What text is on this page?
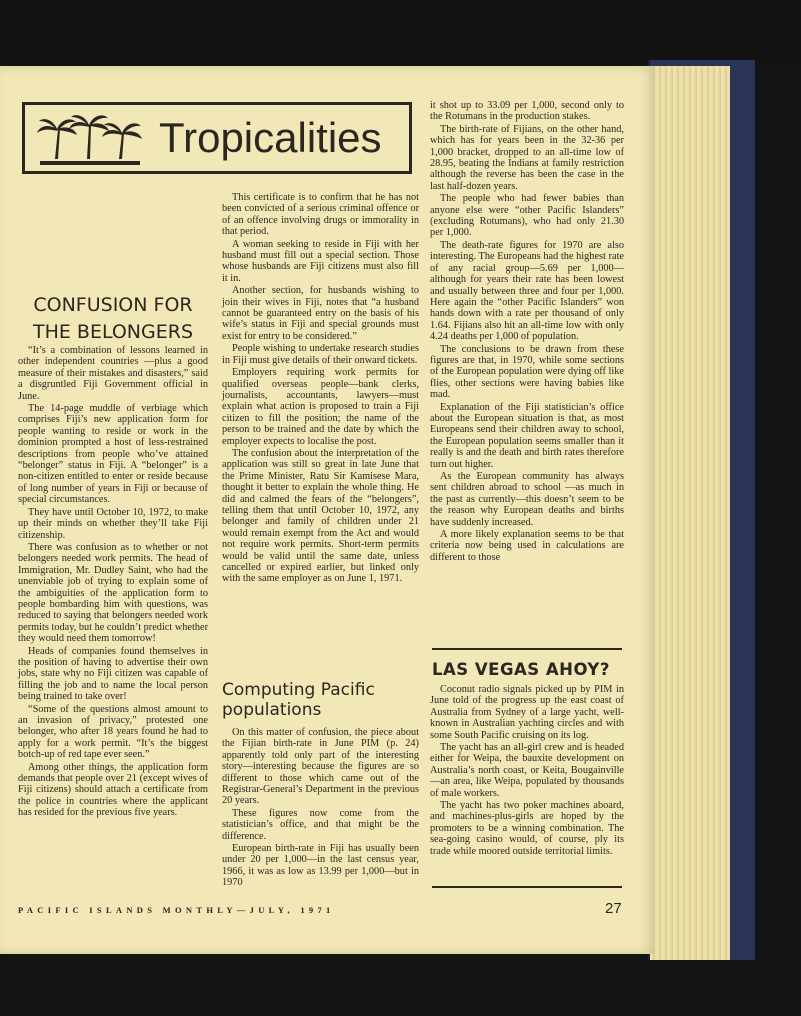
Tropicalities
CONFUSION FOR
THE BELONGERS

“It’s a combination of lessons learned in other independent countries —plus a good measure of their mistakes and disasters,” said a disgruntled Fiji Government official in June.

The 14-page muddle of verbiage which comprises Fiji’s new application form for people wanting to reside or work in the dominion prompted a host of less-restrained descriptions from people who’ve attained “belonger” status in Fiji. A “belonger” is a non-citizen entitled to enter or reside because of long number of years in Fiji or because of special circumstances.

They have until October 10, 1972, to make up their minds on whether they’ll take Fiji citizenship.

There was confusion as to whether or not belongers needed work permits. The head of Immigration, Mr. Dudley Saint, who had the unenviable job of trying to explain some of the ambiguities of the application form to people bombarding him with questions, was reduced to saying that belongers needed work permits today, but he couldn’t predict whether they would need them tomorrow!

Heads of companies found themselves in the position of having to advertise their own jobs, state why no Fiji citizen was capable of filling the job and to name the local person being trained to take over!

“Some of the questions almost amount to an invasion of privacy,” protested one belonger, who after 18 years found he had to apply for a work permit. “It’s the biggest botch-up of red tape ever seen.”

Among other things, the application form demands that people over 21 (except wives of Fiji citizens) should attach a certificate from the police in countries where the applicant has resided for the previous five years.

This certificate is to confirm that he has not been convicted of a serious criminal offence or of an offence involving drugs or immorality in that period.

A woman seeking to reside in Fiji with her husband must fill out a special section. Those whose husbands are Fiji citizens must also fill it in.

Another section, for husbands wishing to join their wives in Fiji, notes that “a husband cannot be guaranteed entry on the basis of his wife’s status in Fiji and special grounds must exist for entry to be considered.”

People wishing to undertake research studies in Fiji must give details of their onward tickets.

Employers requiring work permits for qualified overseas people—bank clerks, journalists, accountants, lawyers—must explain what action is proposed to train a Fiji citizen to fill the position; the name of the person to be trained and the date by which the employer expects to localise the post.

The confusion about the interpretation of the application was still so great in late June that the Prime Minister, Ratu Sir Kamisese Mara, thought it better to explain the whole thing. He did and calmed the fears of the “belongers”, telling them that until October 10, 1972, any belonger and family of children under 21 would remain exempt from the Act and would not require work permits. Short-term permits would be valid until the same date, unless cancelled or expired earlier, but linked only with the same employer as on June 1, 1971.

Computing Pacific
populations

On this matter of confusion, the piece about the Fijian birth-rate in June PIM (p. 24) apparently told only part of the interesting story—interesting because the figures are so different to those which came out of the Registrar-General’s Department in the previous 20 years.

These figures now come from the statistician’s office, and that might be the difference.

European birth-rate in Fiji has usually been under 20 per 1,000—in the last census year, 1966, it was as low as 13.99 per 1,000—but in 1970

it shot up to 33.09 per 1,000, second only to the Rotumans in the production stakes.

The birth-rate of Fijians, on the other hand, which has for years been in the 32-36 per 1,000 bracket, dropped to an all-time low of 28.95, beating the Indians at family restriction although the reverse has been the case in the last half-dozen years.

The people who had fewer babies than anyone else were “other Pacific Islanders” (excluding Rotumans), who had only 21.30 per 1,000.

The death-rate figures for 1970 are also interesting. The Europeans had the highest rate of any racial group—5.69 per 1,000—although for years their rate has been lowest and usually between three and four per 1,000. Here again the “other Pacific Islanders” won hands down with a rate per thousand of only 1.64. Fijians also hit an all-time low with only 4.24 deaths per 1,000 of population.

The conclusions to be drawn from these figures are that, in 1970, while some sections of the European population were dying off like flies, other sections were having babies like mad.

Explanation of the Fiji statistician’s office about the European situation is that, as most Europeans send their children away to school, the European population seems smaller than it really is and the death and birth rates therefore turn out higher.

As the European community has always sent children abroad to school —as much in the past as currently—this doesn’t seem to be the reason why European deaths and births have suddenly increased.

A more likely explanation seems to be that criteria now being used in calculations are different to those

LAS VEGAS AHOY?

Coconut radio signals picked up by PIM in June told of the progress up the east coast of Australia from Sydney of a large yacht, well-known in Australian yachting circles and with some South Pacific cruising on its log.

The yacht has an all-girl crew and is headed either for Weipa, the bauxite development on Australia’s north coast, or Keita, Bougainville—an area, like Weipa, populated by thousands of male workers.

The yacht has two poker machines aboard, and machines-plus-girls are hoped by the promoters to be a winning combination. The sea-going casino would, of course, ply its trade while moored outside territorial limits.

PACIFIC ISLANDS MONTHLY—JULY, 1971	27
